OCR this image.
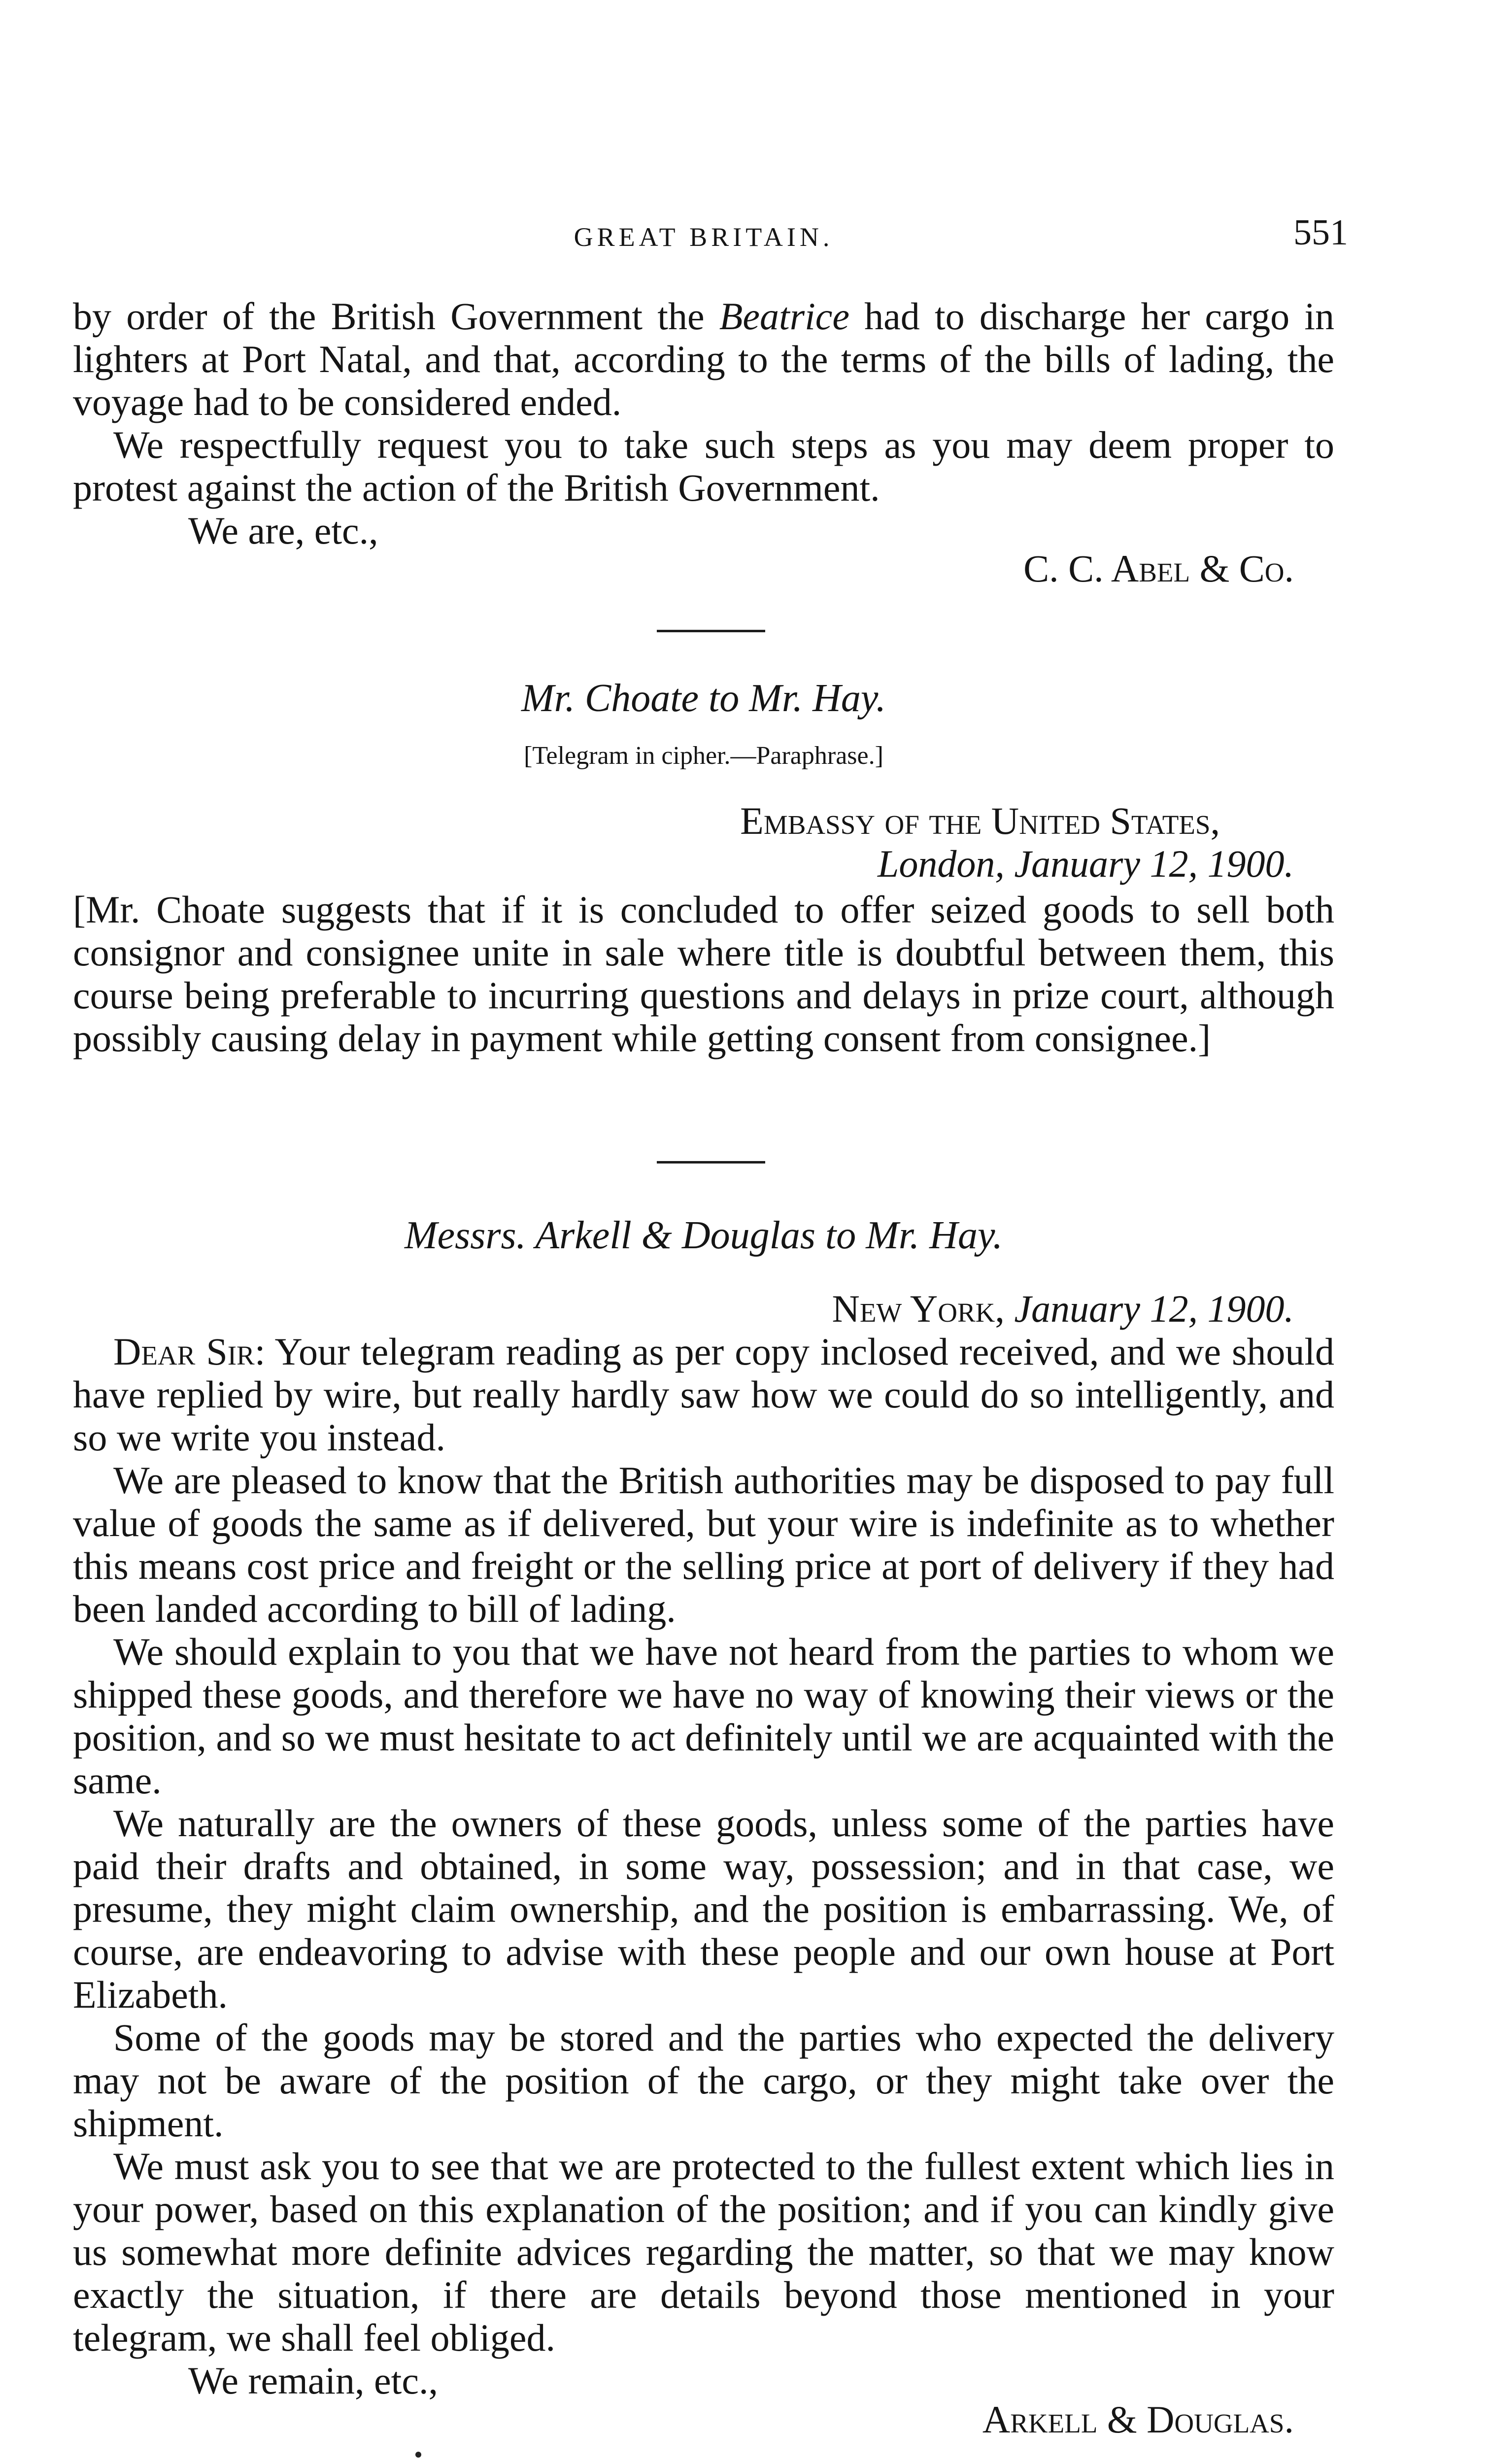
GREAT BRITAIN.	551

by order of the British Government the Beatrice had to discharge her cargo in lighters at Port Natal, and that, according to the terms of the bills of lading, the voyage had to be considered ended.

We respectfully request you to take such steps as you may deem proper to protest against the action of the British Government.

We are, etc.,
C. C. Abel & Co.
Mr. Choate to Mr. Hay.
[Telegram in cipher.—Paraphrase.]
Embassy of the United States,
London, January 12, 1900.

[Mr. Choate suggests that if it is concluded to offer seized goods to sell both consignor and consignee unite in sale where title is doubtful between them, this course being preferable to incurring questions and delays in prize court, although possibly causing delay in payment while getting consent from consignee.]

Messrs. Arkell & Douglas to Mr. Hay.
New York, January 12, 1900.

Dear Sir: Your telegram reading as per copy inclosed received, and we should have replied by wire, but really hardly saw how we could do so intelligently, and so we write you instead.

We are pleased to know that the British authorities may be disposed to pay full value of goods the same as if delivered, but your wire is indefinite as to whether this means cost price and freight or the selling price at port of delivery if they had been landed according to bill of lading.

We should explain to you that we have not heard from the parties to whom we shipped these goods, and therefore we have no way of knowing their views or the position, and so we must hesitate to act definitely until we are acquainted with the same.

We naturally are the owners of these goods, unless some of the parties have paid their drafts and obtained, in some way, possession; and in that case, we presume, they might claim ownership, and the position is embarrassing. We, of course, are endeavoring to advise with these people and our own house at Port Elizabeth.

Some of the goods may be stored and the parties who expected the delivery may not be aware of the position of the cargo, or they might take over the shipment.

We must ask you to see that we are protected to the fullest extent which lies in your power, based on this explanation of the position; and if you can kindly give us somewhat more definite advices regarding the matter, so that we may know exactly the situation, if there are details beyond those mentioned in your telegram, we shall feel obliged.

We remain, etc.,
Arkell & Douglas.
